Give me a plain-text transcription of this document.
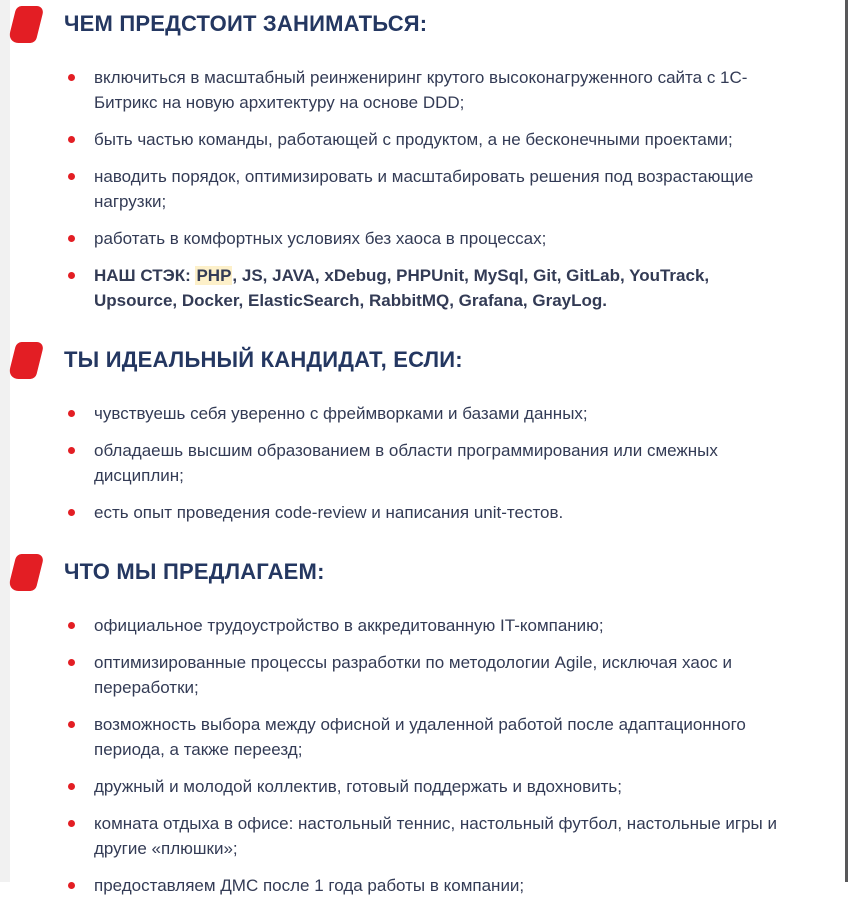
ЧЕМ ПРЕДСТОИТ ЗАНИМАТЬСЯ:
включиться в масштабный реинжениринг крутого высоконагруженного сайта с 1С-Битрикс на новую архитектуру на основе DDD;
быть частью команды, работающей с продуктом, а не бесконечными проектами;
наводить порядок, оптимизировать и масштабировать решения под возрастающие нагрузки;
работать в комфортных условиях без хаоса в процессах;
НАШ СТЭК: PHP, JS, JAVA, xDebug, PHPUnit, MySql, Git, GitLab, YouTrack, Upsource, Docker, ElasticSearch, RabbitMQ, Grafana, GrayLog.
ТЫ ИДЕАЛЬНЫЙ КАНДИДАТ, ЕСЛИ:
чувствуешь себя уверенно с фреймворками и базами данных;
обладаешь высшим образованием в области программирования или смежных дисциплин;
есть опыт проведения code-review и написания unit-тестов.
ЧТО МЫ ПРЕДЛАГАЕМ:
официальное трудоустройство в аккредитованную IT-компанию;
оптимизированные процессы разработки по методологии Agile, исключая хаос и переработки;
возможность выбора между офисной и удаленной работой после адаптационного периода, а также переезд;
дружный и молодой коллектив, готовый поддержать и вдохновить;
комната отдыха в офисе: настольный теннис, настольный футбол, настольные игры и другие «плюшки»;
предоставляем ДМС после 1 года работы в компании;
